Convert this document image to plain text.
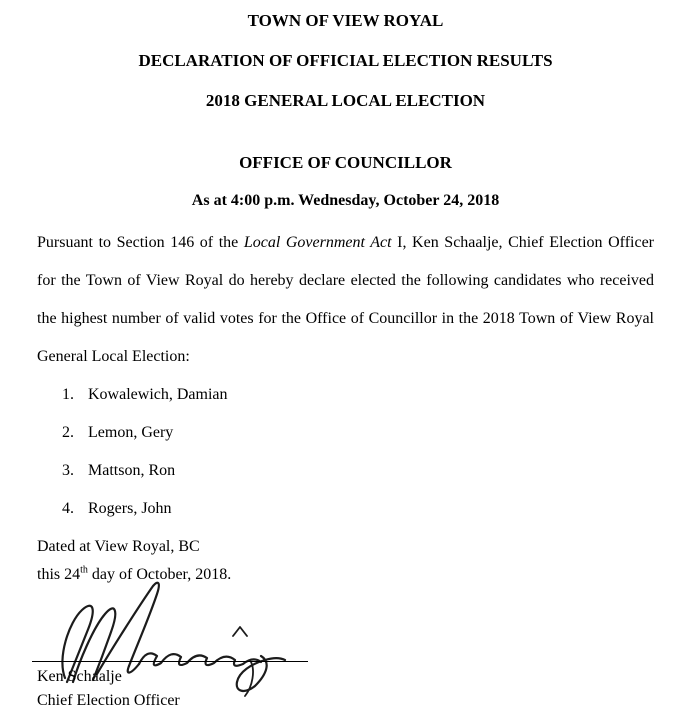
TOWN OF VIEW ROYAL

DECLARATION OF OFFICIAL ELECTION RESULTS

2018 GENERAL LOCAL ELECTION

OFFICE OF COUNCILLOR

As at 4:00 p.m. Wednesday, October 24, 2018

Pursuant to Section 146 of the Local Government Act I, Ken Schaalje, Chief Election Officer for the Town of View Royal do hereby declare elected the following candidates who received the highest number of valid votes for the Office of Councillor in the 2018 Town of View Royal General Local Election:

1. Kowalewich, Damian
2. Lemon, Gery
3. Mattson, Ron
4. Rogers, John

Dated at View Royal, BC

this 24th day of October, 2018.

Ken Schaalje
Chief Election Officer
